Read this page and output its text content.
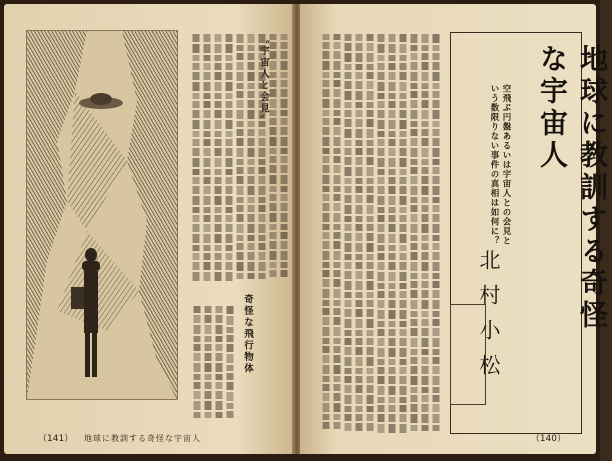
奇怪な飛行物体
地球に教訓する奇怪な宇宙人
（141）
地球に教訓する奇怪な宇宙人
空飛ぶ円盤あるいは宇宙人との会見と
いう数限りない事件の真相は如何に？
北村小松
（140）
